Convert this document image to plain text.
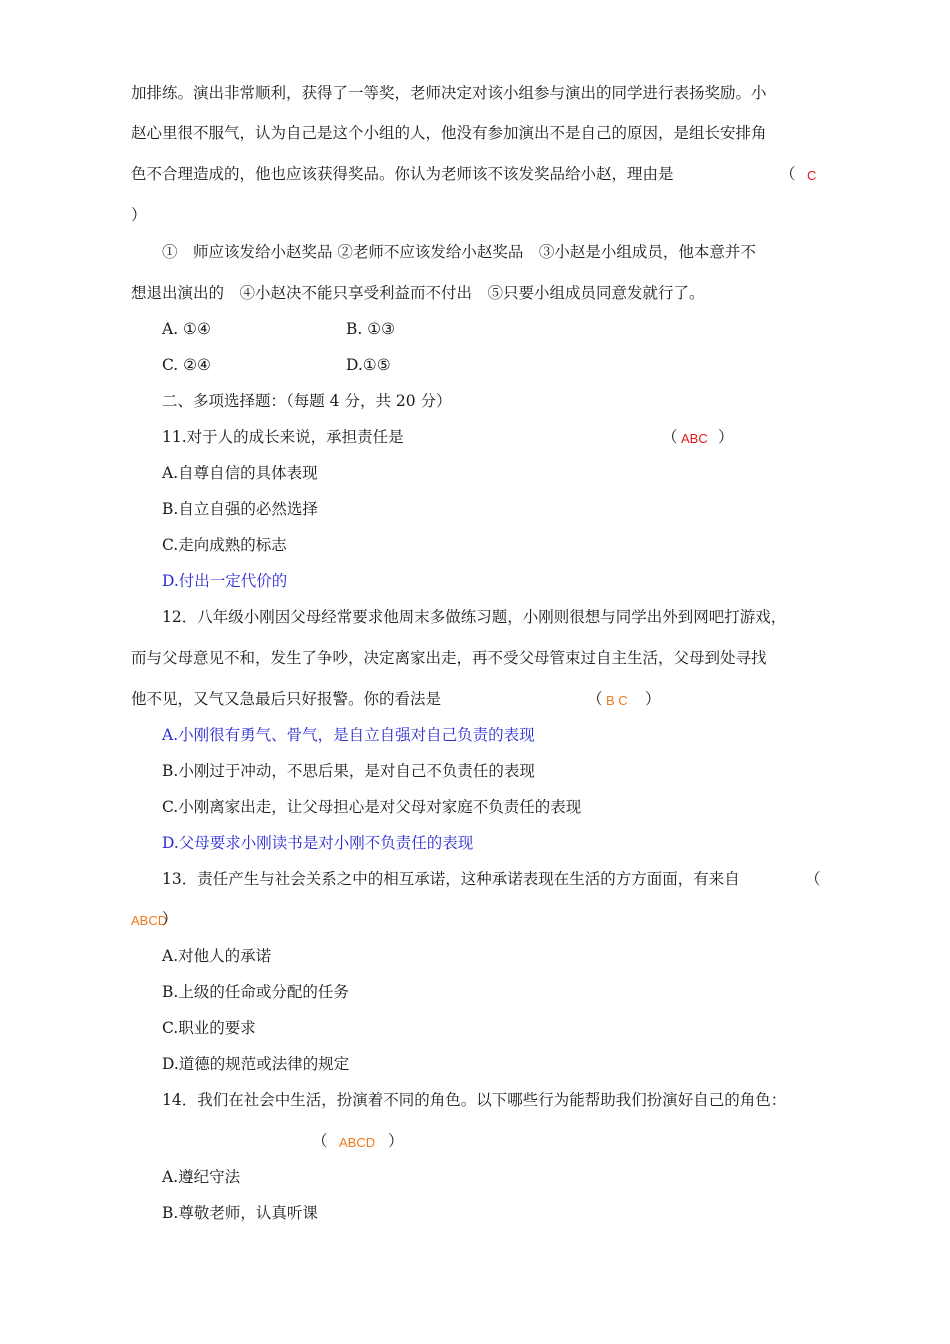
加排练。演出非常顺利，获得了一等奖，老师决定对该小组参与演出的同学进行表扬奖励。小
赵心里很不服气，认为自己是这个小组的人，他没有参加演出不是自己的原因，是组长安排角
色不合理造成的，他也应该获得奖品。你认为老师该不该发奖品给小赵，理由是	（ C
）
①　师应该发给小赵奖品 ②老师不应该发给小赵奖品　③小赵是小组成员，他本意并不
想退出演出的　④小赵决不能只享受利益而不付出　⑤只要小组成员同意发就行了。
A. ①④	B. ①③
C. ②④	D.①⑤
二、多项选择题：（每题 4 分，共 20 分）
11.对于人的成长来说，承担责任是	（ ABC ）
A.自尊自信的具体表现
B.自立自强的必然选择
C.走向成熟的标志
D.付出一定代价的
12．八年级小刚因父母经常要求他周末多做练习题，小刚则很想与同学出外到网吧打游戏，
而与父母意见不和，发生了争吵，决定离家出走，再不受父母管束过自主生活，父母到处寻找
他不见，又气又急最后只好报警。你的看法是	（ B C ）
A.小刚很有勇气、骨气，是自立自强对自己负责的表现
B.小刚过于冲动，不思后果，是对自己不负责任的表现
C.小刚离家出走，让父母担心是对父母对家庭不负责任的表现
D.父母要求小刚读书是对小刚不负责任的表现
13．责任产生与社会关系之中的相互承诺，这种承诺表现在生活的方方面面，有来自	（
ABCD
）
A.对他人的承诺
B.上级的任命或分配的任务
C.职业的要求
D.道德的规范或法律的规定
14．我们在社会中生活，扮演着不同的角色。以下哪些行为能帮助我们扮演好自己的角色：
（ ABCD ）
A.遵纪守法
B.尊敬老师，认真听课
